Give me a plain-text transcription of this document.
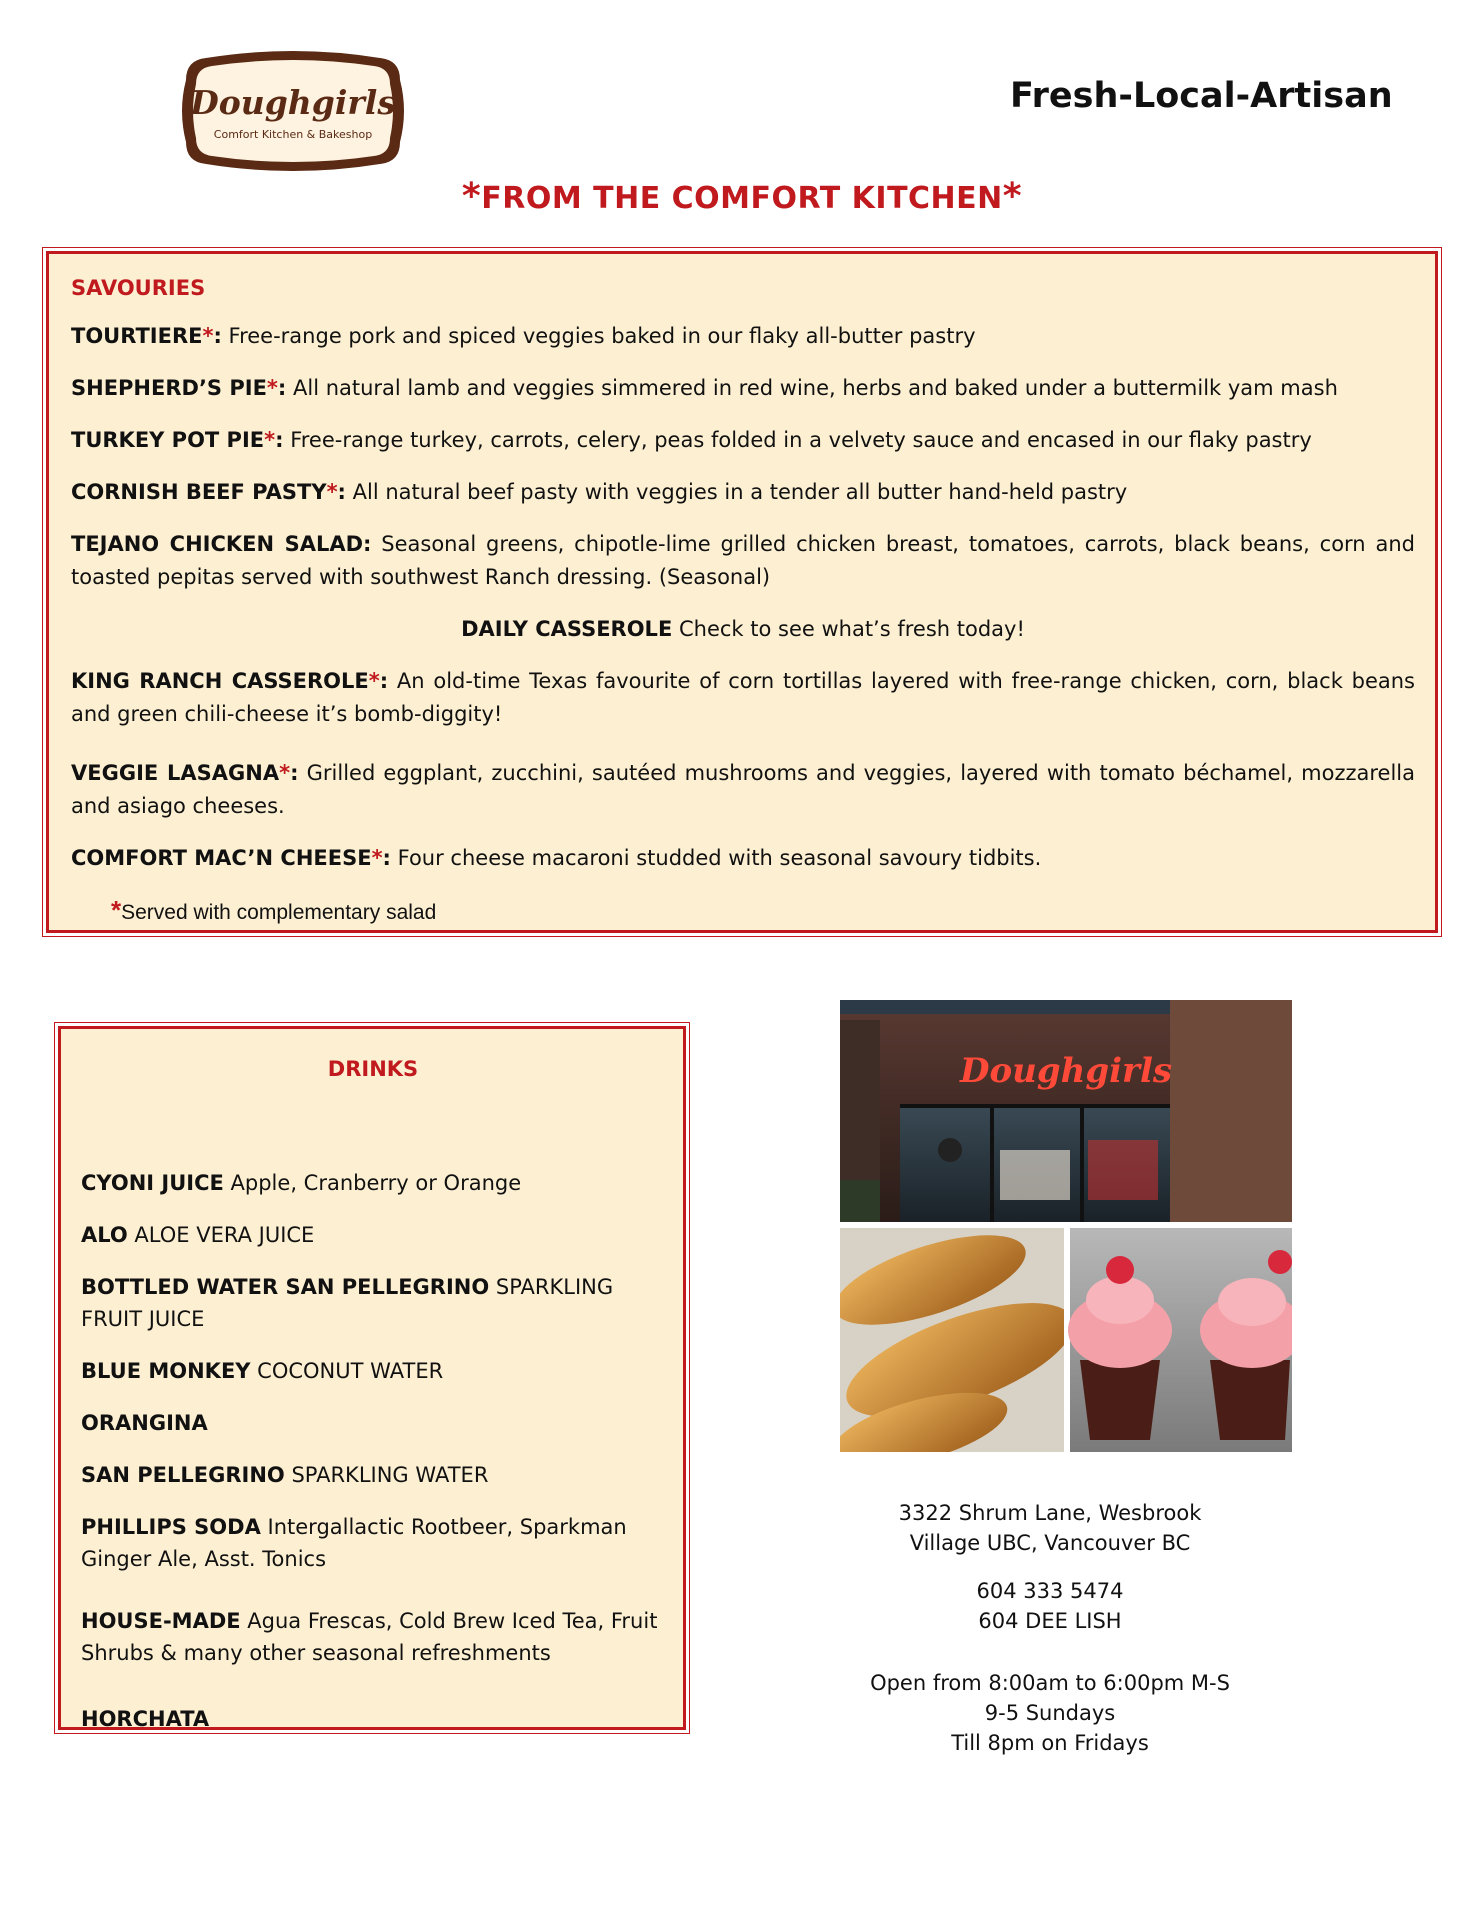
Doughgirls
Comfort Kitchen & Bakeshop
Fresh-Local-Artisan
*FROM THE COMFORT KITCHEN*
SAVOURIES
TOURTIERE*: Free-range pork and spiced veggies baked in our flaky all-butter pastry
SHEPHERD’S PIE*: All natural lamb and veggies simmered in red wine, herbs and baked under a buttermilk yam mash
TURKEY POT PIE*: Free-range turkey, carrots, celery, peas folded in a velvety sauce and encased in our flaky pastry
CORNISH BEEF PASTY*: All natural beef pasty with veggies in a tender all butter hand-held pastry
TEJANO CHICKEN SALAD: Seasonal greens, chipotle-lime grilled chicken breast, tomatoes, carrots, black beans, corn and toasted pepitas served with southwest Ranch dressing. (Seasonal)
DAILY CASSEROLE Check to see what’s fresh today!
KING RANCH CASSEROLE*: An old-time Texas favourite of corn tortillas layered with free-range chicken, corn, black beans and green chili-cheese it’s bomb-diggity!
VEGGIE LASAGNA*: Grilled eggplant, zucchini, sautéed mushrooms and veggies, layered with tomato béchamel, mozzarella and asiago cheeses.
COMFORT MAC’N CHEESE*: Four cheese macaroni studded with seasonal savoury tidbits.
*Served with complementary salad
DRINKS
CYONI JUICE Apple, Cranberry or Orange
ALO ALOE VERA JUICE
BOTTLED WATER SAN PELLEGRINO SPARKLING FRUIT JUICE
BLUE MONKEY COCONUT WATER
ORANGINA
SAN PELLEGRINO SPARKLING WATER
PHILLIPS SODA Intergallactic Rootbeer, Sparkman Ginger Ale, Asst. Tonics
HOUSE-MADE Agua Frescas, Cold Brew Iced Tea, Fruit Shrubs & many other seasonal refreshments
HORCHATA
Doughgirls

3322 Shrum Lane, Wesbrook
Village UBC, Vancouver BC

604 333 5474
604 DEE LISH

Open from 8:00am to 6:00pm M-S
9-5 Sundays
Till 8pm on Fridays
